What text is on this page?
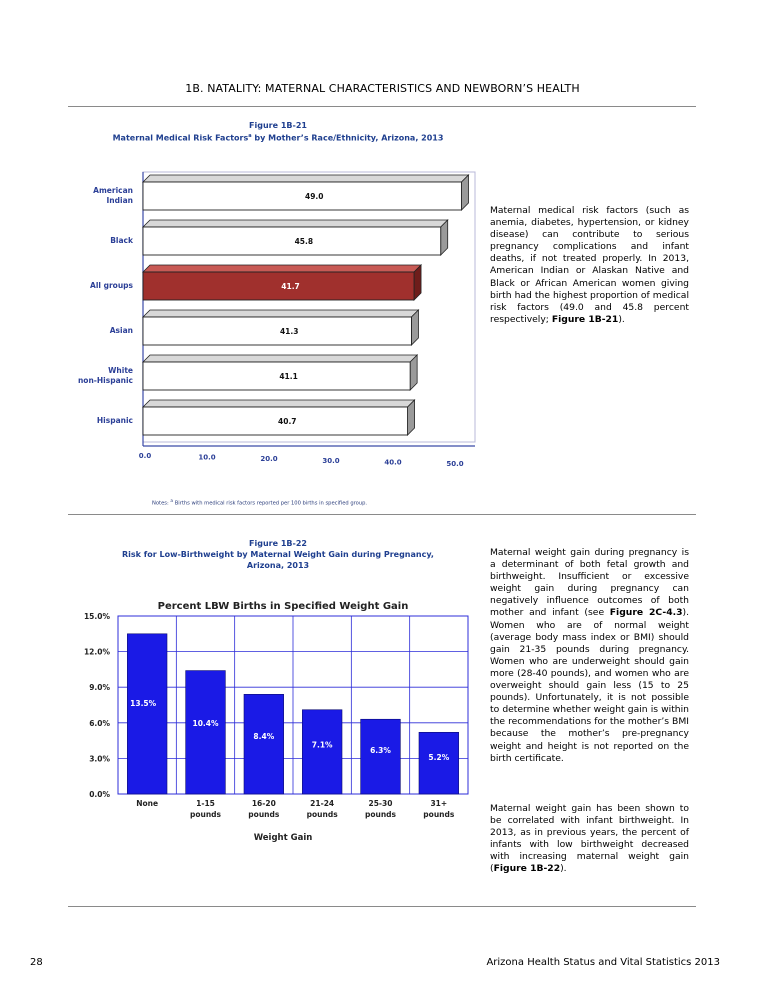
1B. NATALITY: MATERNAL CHARACTERISTICS AND NEWBORN’S HEALTH
Figure 1B-21
Maternal Medical Risk Factors$^a$ by Mother’s Race/Ethnicity, Arizona, 2013
49.0
American
Indian
45.8
Black
41.7
All groups
41.3
Asian
41.1
White
non-Hispanic
40.7
Hispanic
0.0	10.0	20.0	30.0	40.0	50.0
Maternal medical risk factors (such as anemia, diabetes, hypertension, or kidney disease) can contribute to serious pregnancy complications and infant deaths, if not treated properly. In 2013, American Indian or Alaskan Native and Black or African American women giving birth had the highest proportion of medical risk factors (49.0 and 45.8 percent respectively; Figure 1B-21).
Notes: $^a$ Births with medical risk factors reported per 100 births in specified group.
Figure 1B-22
Risk for Low-Birthweight by Maternal Weight Gain during Pregnancy,
Arizona, 2013
Percent LBW Births in Specified Weight Gain
0.0%
3.0%
6.0%
9.0%
12.0%
15.0%
13.5%
None
10.4%
1-15
pounds
8.4%
16-20
pounds
7.1%
21-24
pounds
6.3%
25-30
pounds
5.2%
31+
pounds
Weight Gain
Maternal weight gain during pregnancy is a determinant of both fetal growth and birthweight. Insufficient or excessive weight gain during pregnancy can negatively influence outcomes of both mother and infant (see Figure 2C-4.3). Women who are of normal weight (average body mass index or BMI) should gain 21-35 pounds during pregnancy. Women who are underweight should gain more (28-40 pounds), and women who are overweight should gain less (15 to 25 pounds). Unfortunately, it is not possible to determine whether weight gain is within the recommendations for the mother’s BMI because the mother’s pre-pregnancy weight and height is not reported on the birth certificate.
Maternal weight gain has been shown to be correlated with infant birthweight. In 2013, as in previous years, the percent of infants with low birthweight decreased with increasing maternal weight gain (Figure 1B-22).
28	Arizona Health Status and Vital Statistics 2013
